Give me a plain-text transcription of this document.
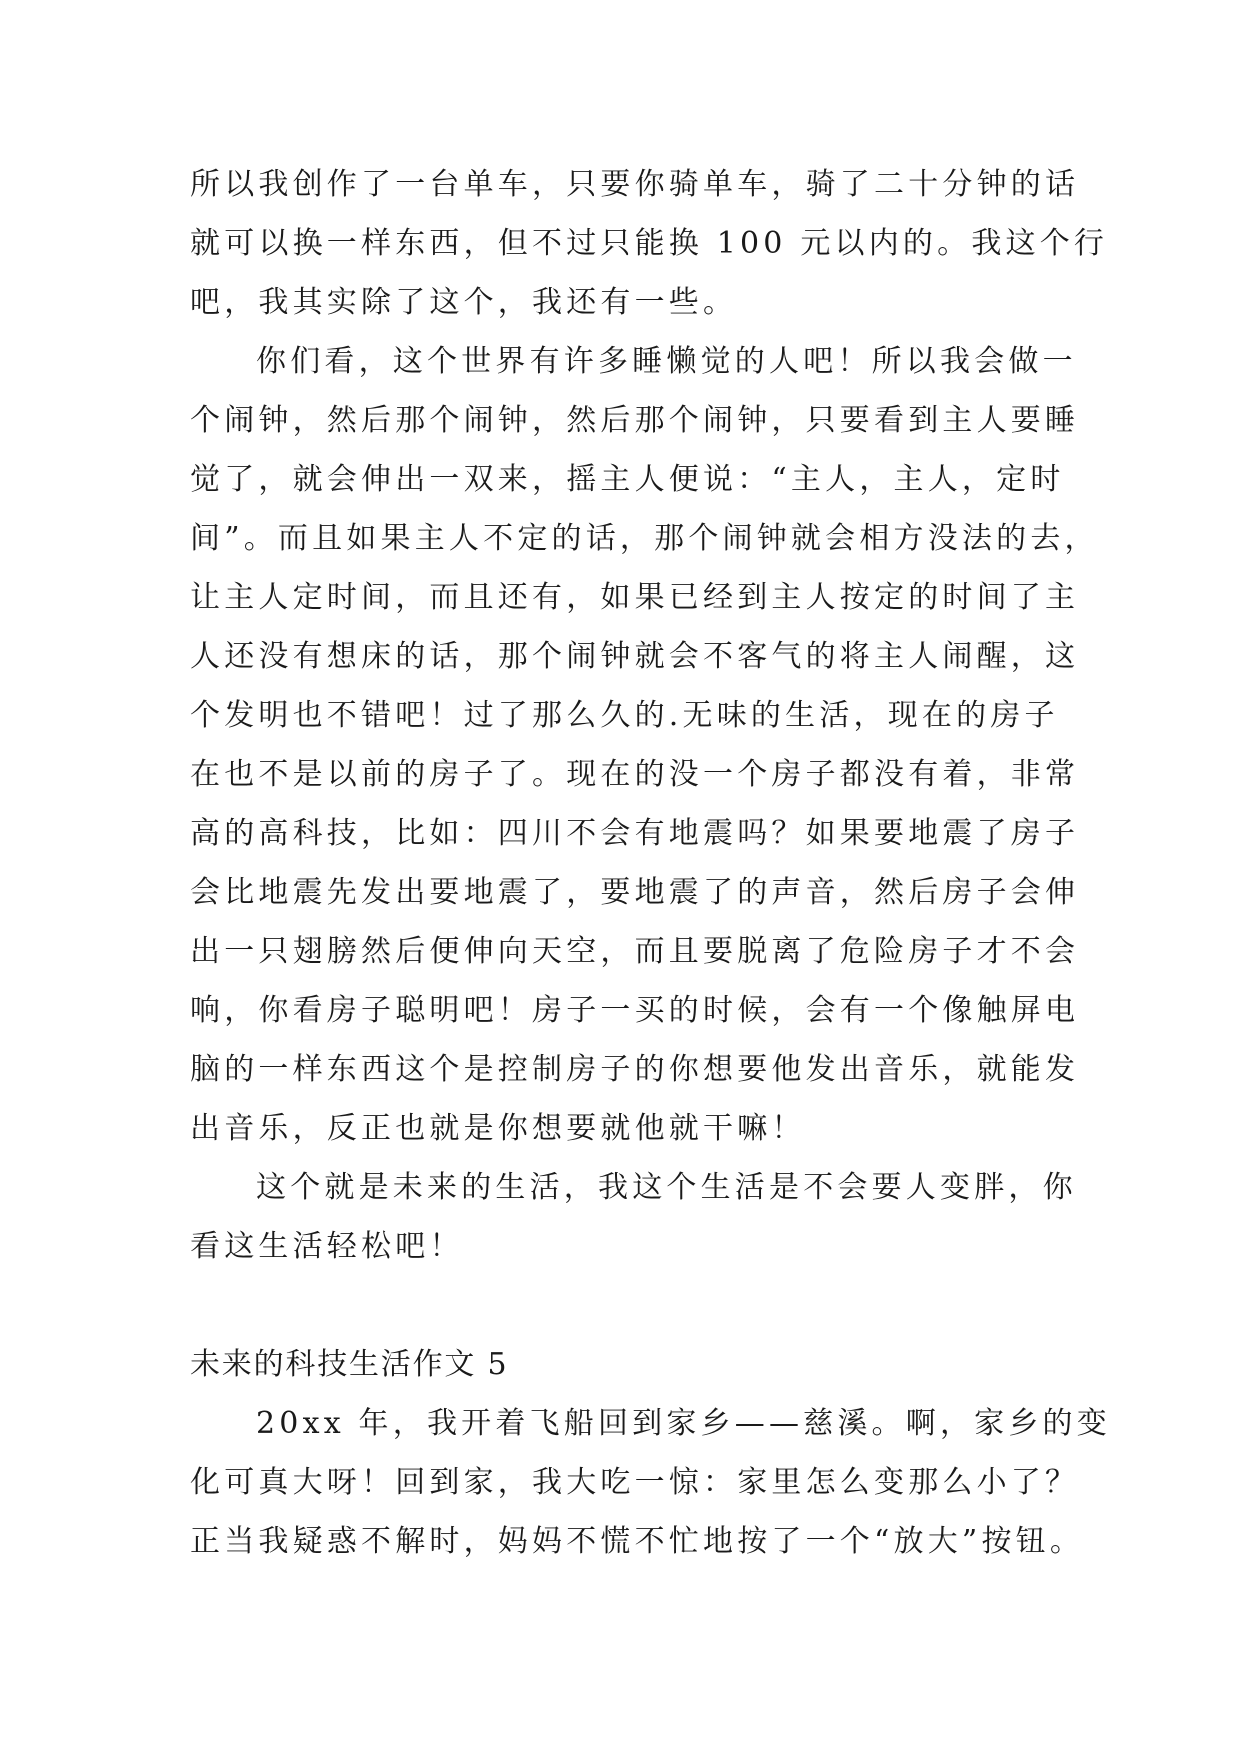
所以我创作了一台单车，只要你骑单车，骑了二十分钟的话
就可以换一样东西，但不过只能换 100 元以内的。我这个行
吧，我其实除了这个，我还有一些。
你们看，这个世界有许多睡懒觉的人吧！所以我会做一
个闹钟，然后那个闹钟，然后那个闹钟，只要看到主人要睡
觉了，就会伸出一双来，摇主人便说：“主人，主人，定时
间”。而且如果主人不定的话，那个闹钟就会相方没法的去，
让主人定时间，而且还有，如果已经到主人按定的时间了主
人还没有想床的话，那个闹钟就会不客气的将主人闹醒，这
个发明也不错吧！过了那么久的.无味的生活，现在的房子
在也不是以前的房子了。现在的没一个房子都没有着，非常
高的高科技，比如：四川不会有地震吗？如果要地震了房子
会比地震先发出要地震了，要地震了的声音，然后房子会伸
出一只翅膀然后便伸向天空，而且要脱离了危险房子才不会
响，你看房子聪明吧！房子一买的时候，会有一个像触屏电
脑的一样东西这个是控制房子的你想要他发出音乐，就能发
出音乐，反正也就是你想要就他就干嘛！
这个就是未来的生活，我这个生活是不会要人变胖，你
看这生活轻松吧！
未来的科技生活作文 5
20xx 年，我开着飞船回到家乡——慈溪。啊，家乡的变
化可真大呀！回到家，我大吃一惊：家里怎么变那么小了？
正当我疑惑不解时，妈妈不慌不忙地按了一个“放大”按钮。
